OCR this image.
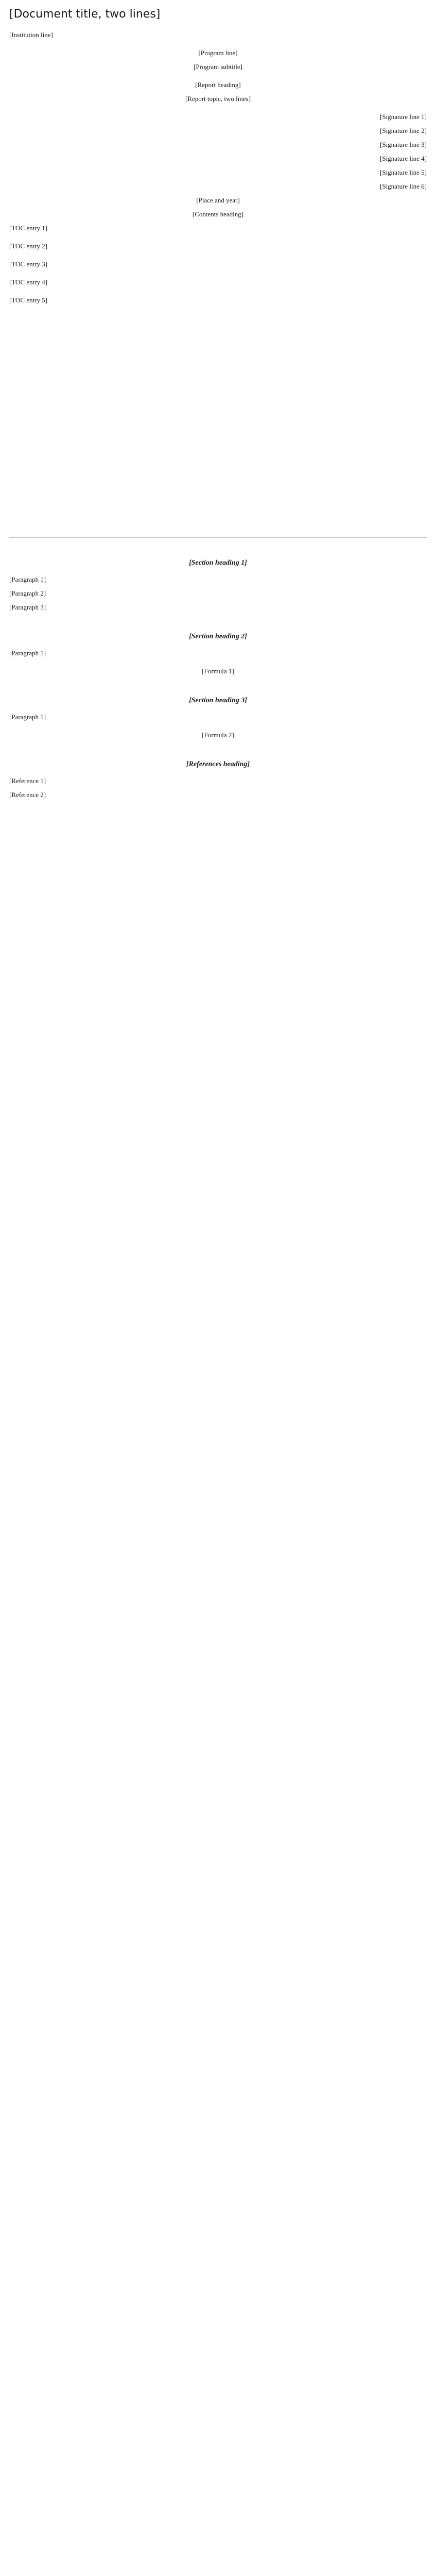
[Document title, two lines]

[Institution line]

[Program line]

[Program subtitle]

[Report heading]

[Report topic, two lines]

[Signature line 1]

[Signature line 2]

[Signature line 3]

[Signature line 4]

[Signature line 5]

[Signature line 6]

[Place and year]

[Contents heading]

[TOC entry 1]

[TOC entry 2]

[TOC entry 3]

[TOC entry 4]

[TOC entry 5]

[Section heading 1]

[Paragraph 1]

[Paragraph 2]

[Paragraph 3]

[Section heading 2]

[Paragraph 1]

[Formula 1]

[Section heading 3]

[Paragraph 1]

[Formula 2]

[References heading]

[Reference 1]

[Reference 2]
